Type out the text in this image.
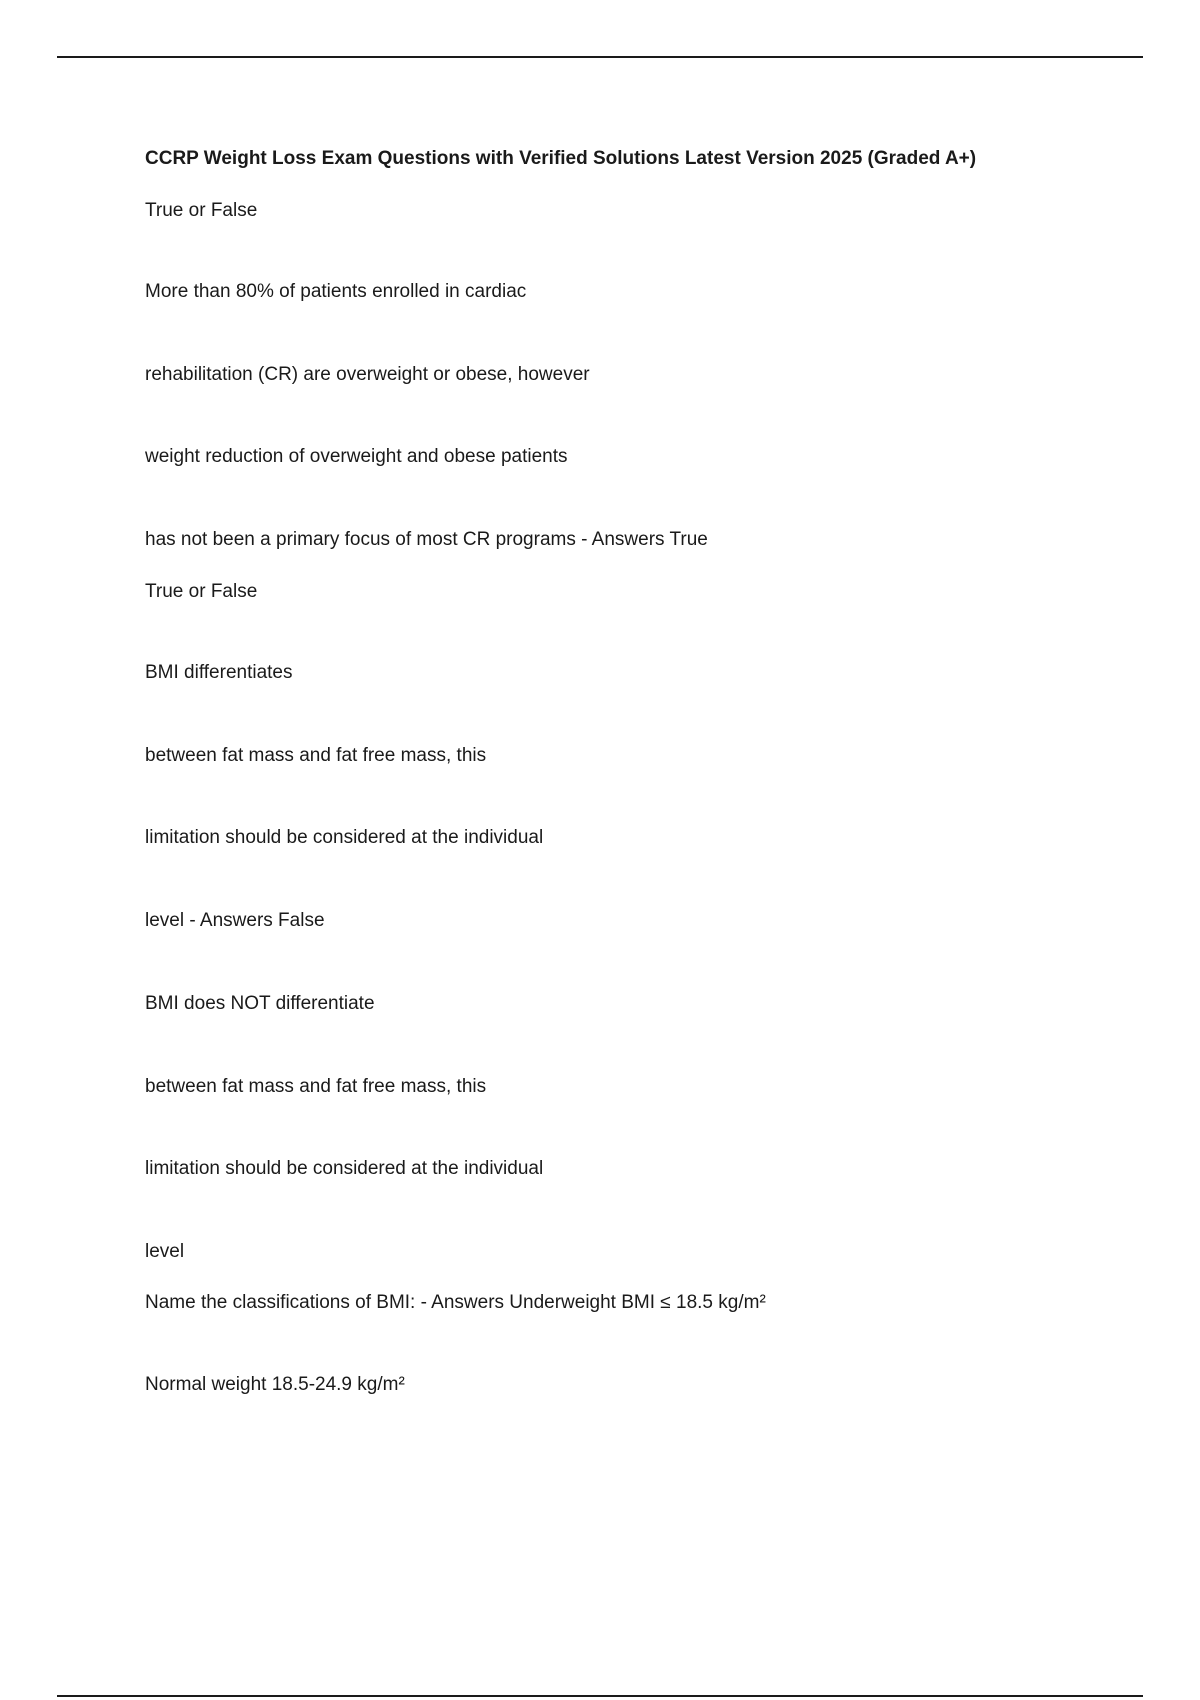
CCRP Weight Loss Exam Questions with Verified Solutions Latest Version 2025 (Graded A+)
True or False
More than 80% of patients enrolled in cardiac
rehabilitation (CR) are overweight or obese, however
weight reduction of overweight and obese patients
has not been a primary focus of most CR programs - Answers True
True or False
BMI differentiates
between fat mass and fat free mass, this
limitation should be considered at the individual
level - Answers False
BMI does NOT differentiate
between fat mass and fat free mass, this
limitation should be considered at the individual
level
Name the classifications of BMI: - Answers Underweight BMI ≤ 18.5 kg/m²
Normal weight 18.5-24.9 kg/m²
